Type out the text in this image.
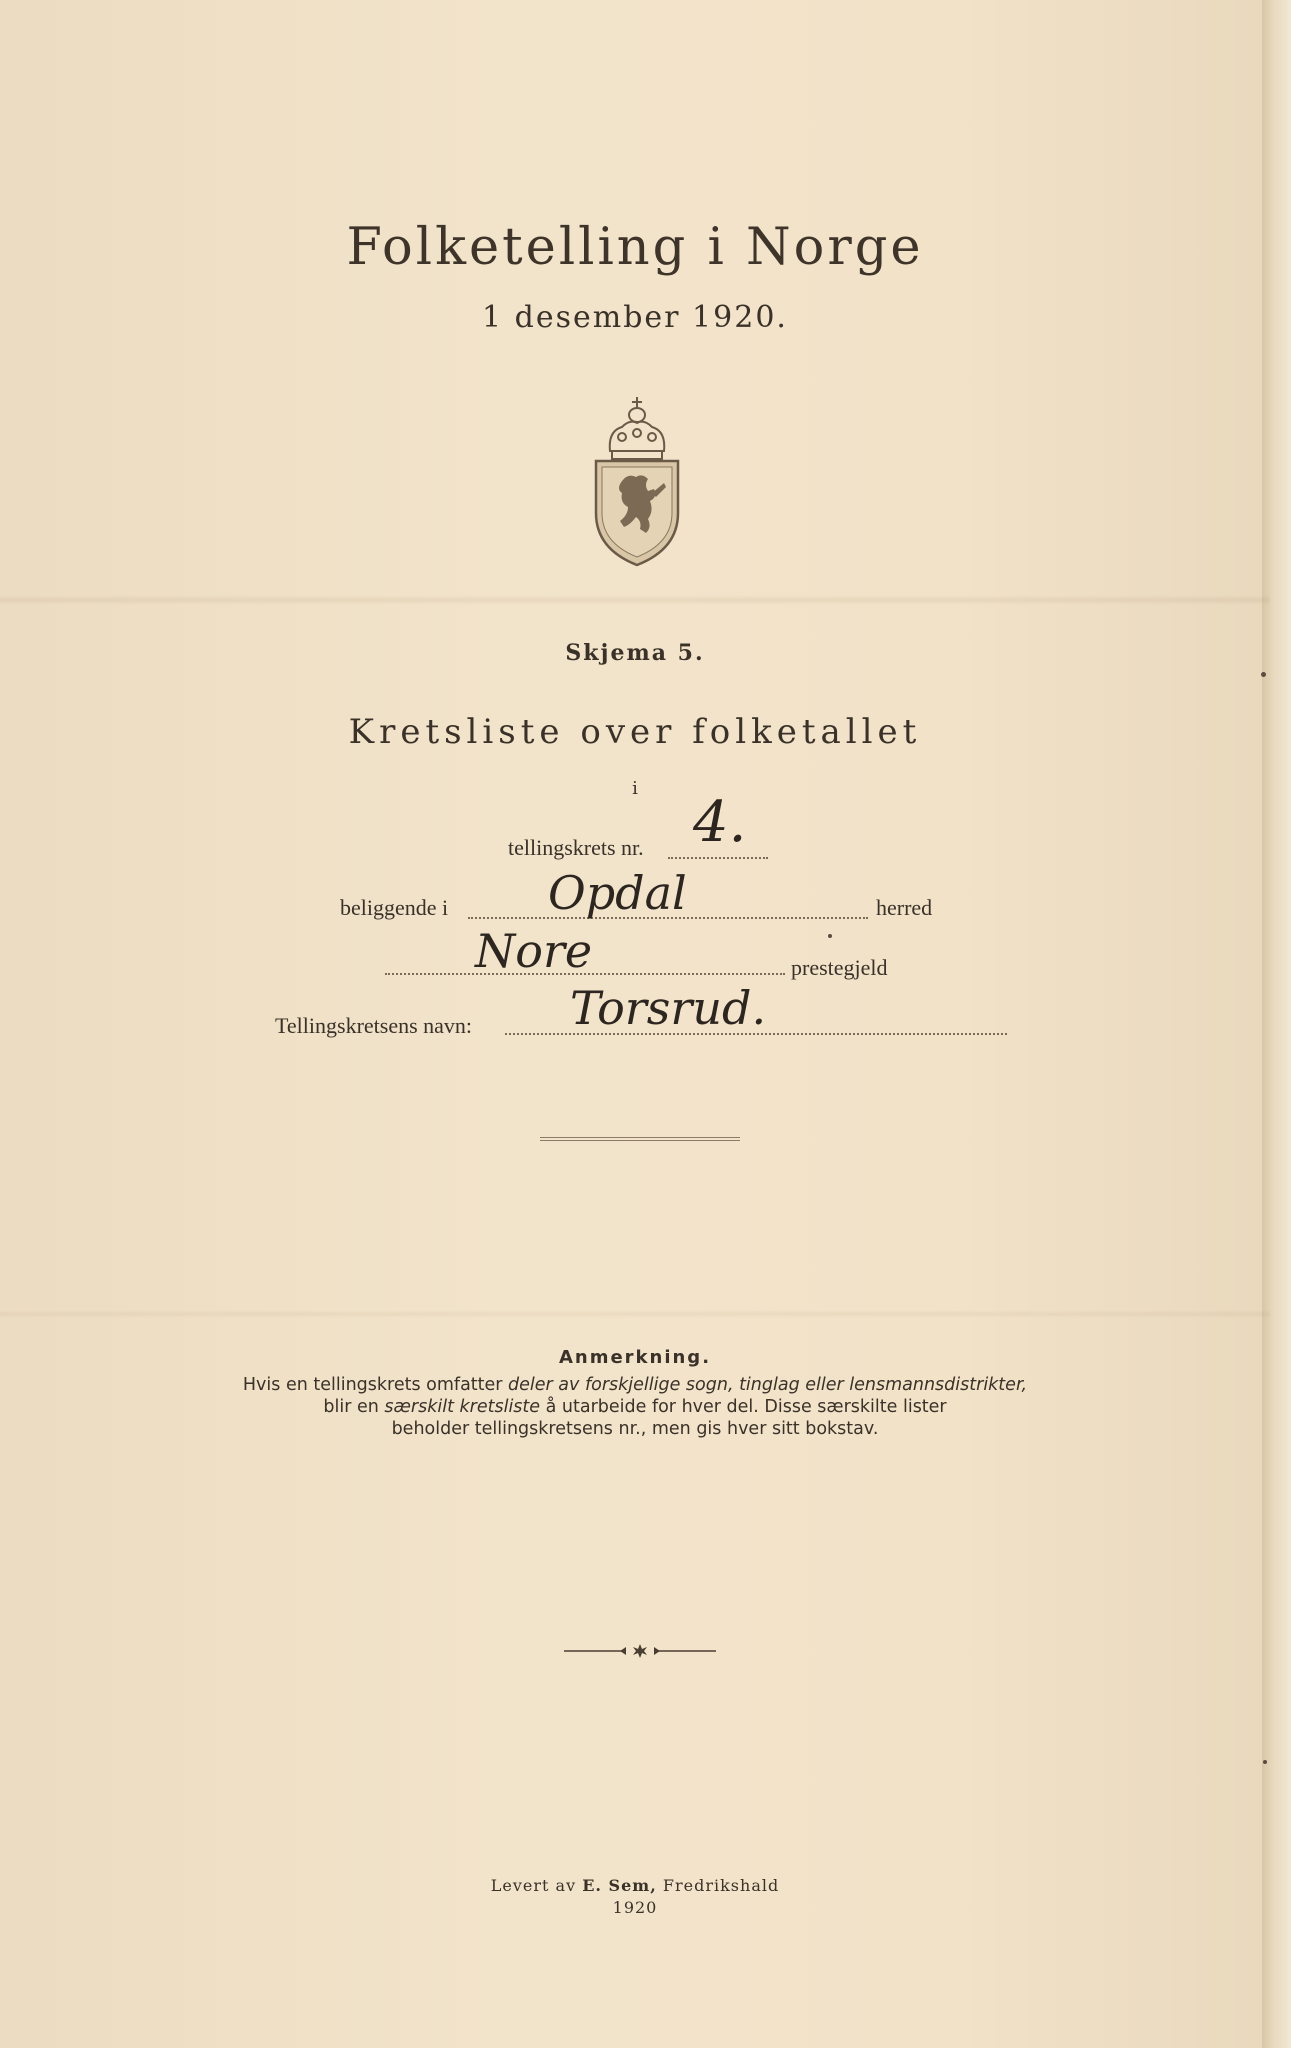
Folketelling i Norge
1 desember 1920.
Skjema 5.
Kretsliste over folketallet
i
tellingskrets nr. 4.
beliggende i Opdal	herred
Nore	prestegjeld
Tellingskretsens navn: Torsrud.
Anmerkning.
Hvis en tellingskrets omfatter deler av forskjellige sogn, tinglag eller lensmannsdistrikter,
blir en særskilt kretsliste å utarbeide for hver del. Disse særskilte lister
beholder tellingskretsens nr., men gis hver sitt bokstav.
Levert av E. Sem, Fredrikshald
1920
